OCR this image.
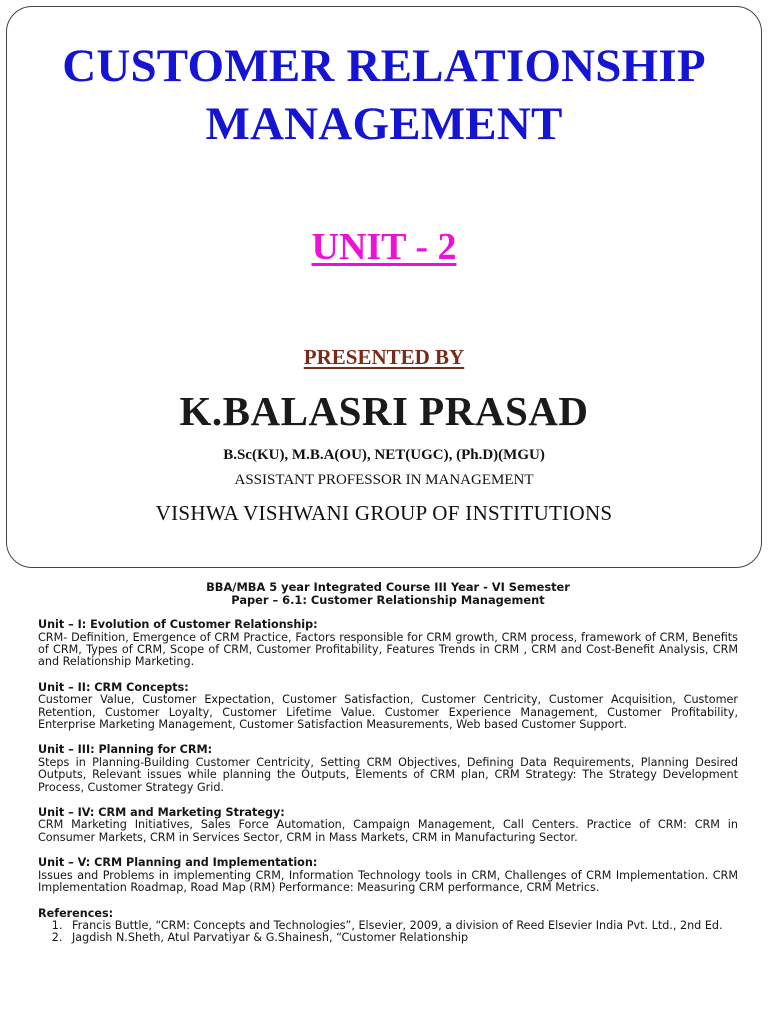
CUSTOMER RELATIONSHIP
MANAGEMENT
UNIT - 2
PRESENTED BY
K.BALASRI PRASAD
B.Sc(KU), M.B.A(OU), NET(UGC), (Ph.D)(MGU)
ASSISTANT PROFESSOR IN MANAGEMENT
VISHWA VISHWANI GROUP OF INSTITUTIONS
BBA/MBA 5 year Integrated Course III Year - VI Semester
Paper – 6.1: Customer Relationship Management
Unit – I: Evolution of Customer Relationship:
CRM- Definition, Emergence of CRM Practice, Factors responsible for CRM growth, CRM process, framework of CRM, Benefits of CRM, Types of CRM, Scope of CRM, Customer Profitability, Features Trends in CRM , CRM and Cost-Benefit Analysis, CRM and Relationship Marketing.
Unit – II: CRM Concepts:
Customer Value, Customer Expectation, Customer Satisfaction, Customer Centricity, Customer Acquisition, Customer Retention, Customer Loyalty, Customer Lifetime Value. Customer Experience Management, Customer Profitability, Enterprise Marketing Management, Customer Satisfaction Measurements, Web based Customer Support.
Unit – III: Planning for CRM:
Steps in Planning-Building Customer Centricity, Setting CRM Objectives, Defining Data Requirements, Planning Desired Outputs, Relevant issues while planning the Outputs, Elements of CRM plan, CRM Strategy: The Strategy Development Process, Customer Strategy Grid.
Unit – IV: CRM and Marketing Strategy:
CRM Marketing Initiatives, Sales Force Automation, Campaign Management, Call Centers. Practice of CRM: CRM in Consumer Markets, CRM in Services Sector, CRM in Mass Markets, CRM in Manufacturing Sector.
Unit – V: CRM Planning and Implementation:
Issues and Problems in implementing CRM, Information Technology tools in CRM, Challenges of CRM Implementation. CRM Implementation Roadmap, Road Map (RM) Performance: Measuring CRM performance, CRM Metrics.
References:
1. Francis Buttle, “CRM: Concepts and Technologies”, Elsevier, 2009, a division of Reed Elsevier India Pvt. Ltd., 2nd Ed.
2. Jagdish N.Sheth, Atul Parvatiyar & G.Shainesh, “Customer Relationship
